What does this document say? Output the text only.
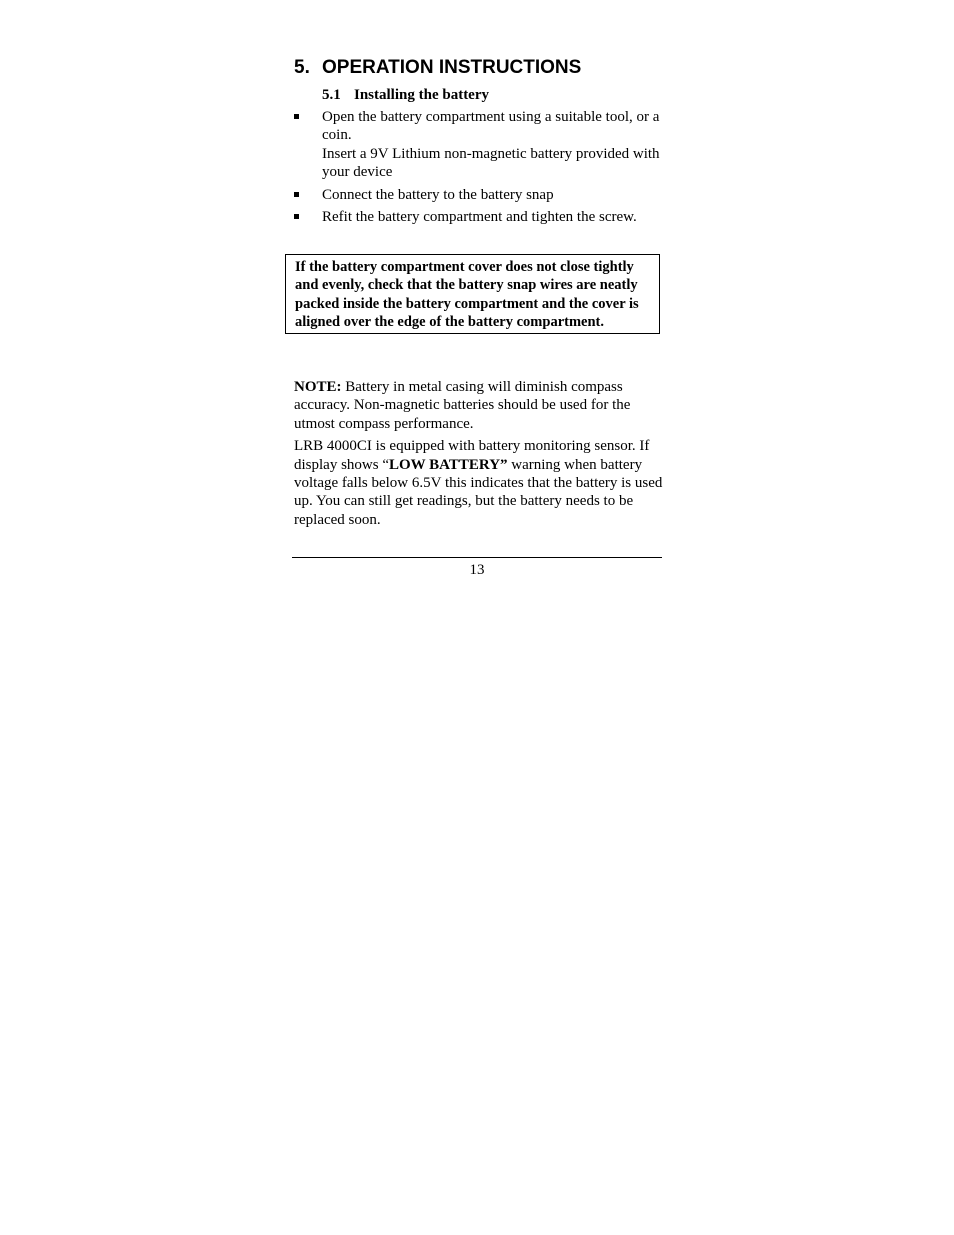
5. OPERATION INSTRUCTIONS
5.1 Installing the battery

Open the battery compartment using a suitable tool, or a coin.

Insert a 9V Lithium non-magnetic battery provided with your device

Connect the battery to the battery snap

Refit the battery compartment and tighten the screw.

If the battery compartment cover does not close tightly and evenly, check that the battery snap wires are neatly packed inside the battery compartment and the cover is aligned over the edge of the battery compartment.

NOTE: Battery in metal casing will diminish compass accuracy. Non-magnetic batteries should be used for the utmost compass performance.

LRB 4000CI is equipped with battery monitoring sensor. If display shows “LOW BATTERY” warning when battery voltage falls below 6.5V this indicates that the battery is used up. You can still get readings, but the battery needs to be replaced soon.

13
